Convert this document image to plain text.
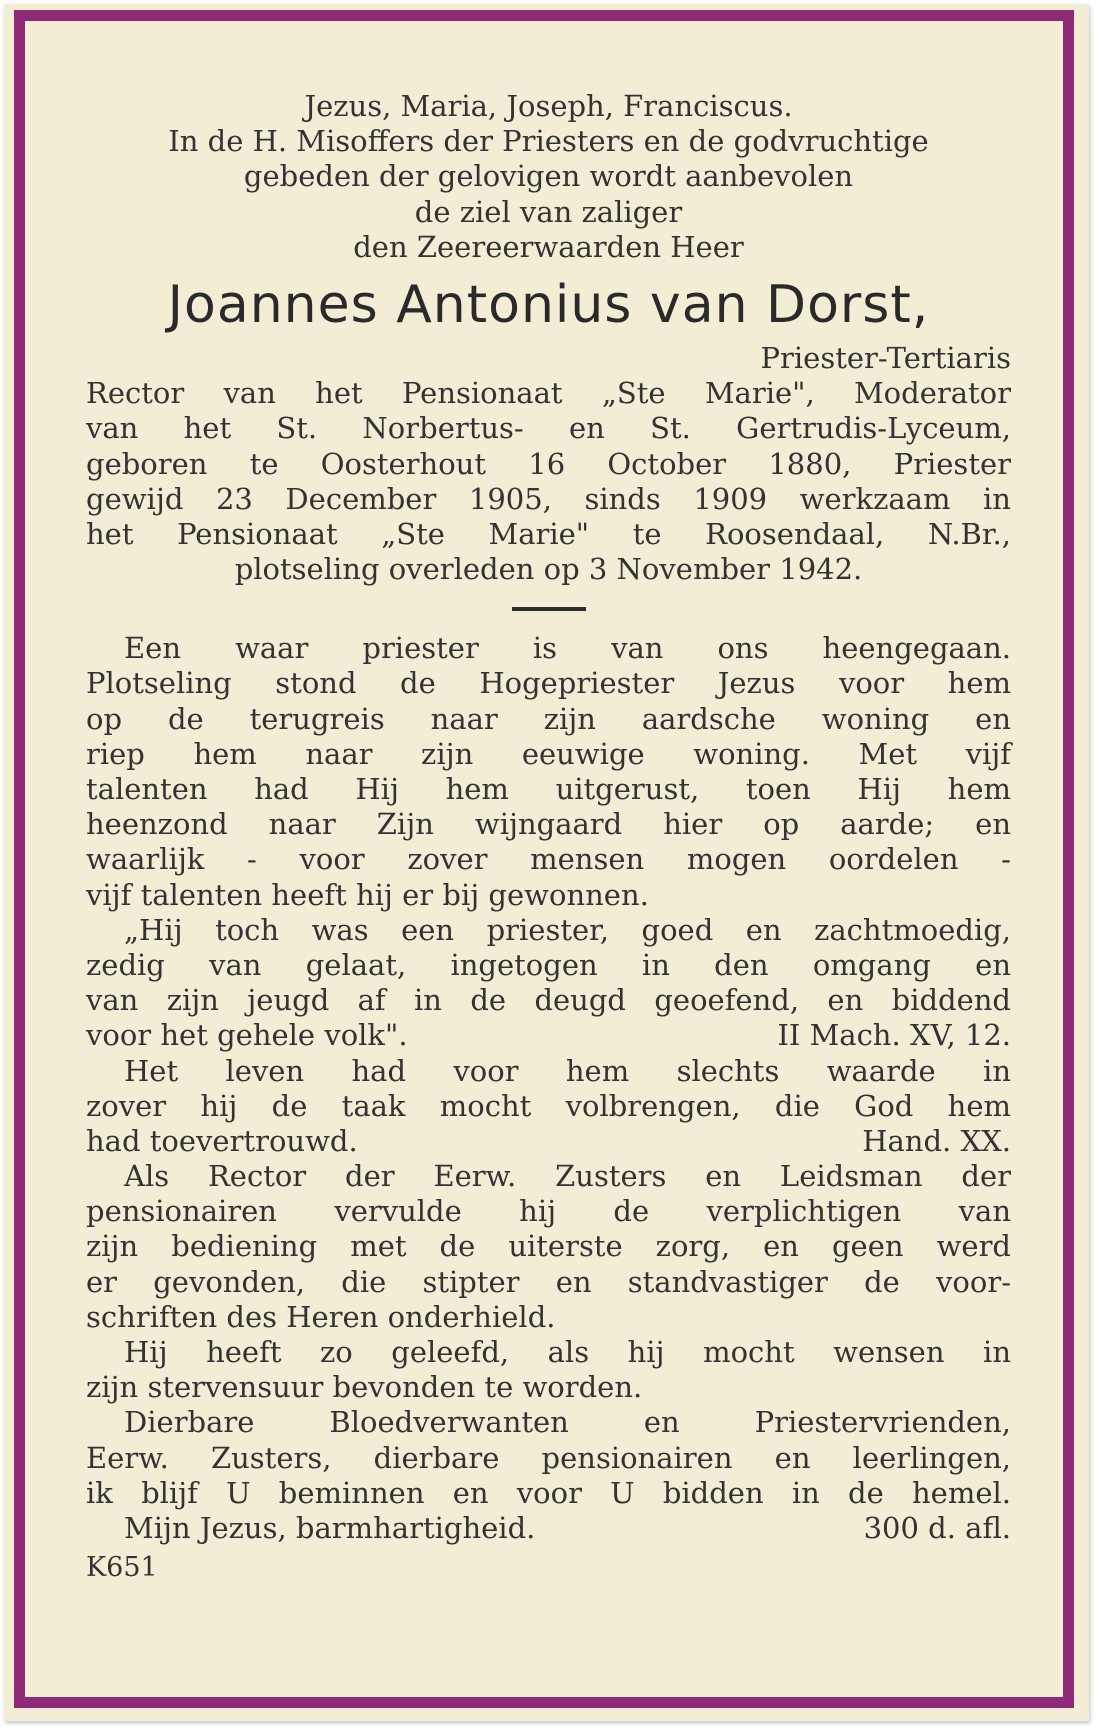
Jezus, Maria, Joseph, Franciscus.
In de H. Misoffers der Priesters en de godvruchtige
gebeden der gelovigen wordt aanbevolen
de ziel van zaliger
den Zeereerwaarden Heer
Joannes Antonius van Dorst,
Priester-Tertiaris
Rector van het Pensionaat „Ste Marie", Moderator
van het St. Norbertus- en St. Gertrudis-Lyceum,
geboren te Oosterhout 16 October 1880, Priester
gewijd 23 December 1905, sinds 1909 werkzaam in
het Pensionaat „Ste Marie" te Roosendaal, N.Br.,
plotseling overleden op 3 November 1942.
Een waar priester is van ons heengegaan.
Plotseling stond de Hogepriester Jezus voor hem
op de terugreis naar zijn aardsche woning en
riep hem naar zijn eeuwige woning. Met vijf
talenten had Hij hem uitgerust, toen Hij hem
heenzond naar Zijn wijngaard hier op aarde; en
waarlijk - voor zover mensen mogen oordelen -
vijf talenten heeft hij er bij gewonnen.
„Hij toch was een priester, goed en zachtmoedig,
zedig van gelaat, ingetogen in den omgang en
van zijn jeugd af in de deugd geoefend, en biddend
voor het gehele volk".	II Mach. XV, 12.
Het leven had voor hem slechts waarde in
zover hij de taak mocht volbrengen, die God hem
had toevertrouwd.	Hand. XX.
Als Rector der Eerw. Zusters en Leidsman der
pensionairen vervulde hij de verplichtigen van
zijn bediening met de uiterste zorg, en geen werd
er gevonden, die stipter en standvastiger de voor-
schriften des Heren onderhield.
Hij heeft zo geleefd, als hij mocht wensen in
zijn stervensuur bevonden te worden.
Dierbare Bloedverwanten en Priestervrienden,
Eerw. Zusters, dierbare pensionairen en leerlingen,
ik blijf U beminnen en voor U bidden in de hemel.
Mijn Jezus, barmhartigheid.	300 d. afl.
K651
